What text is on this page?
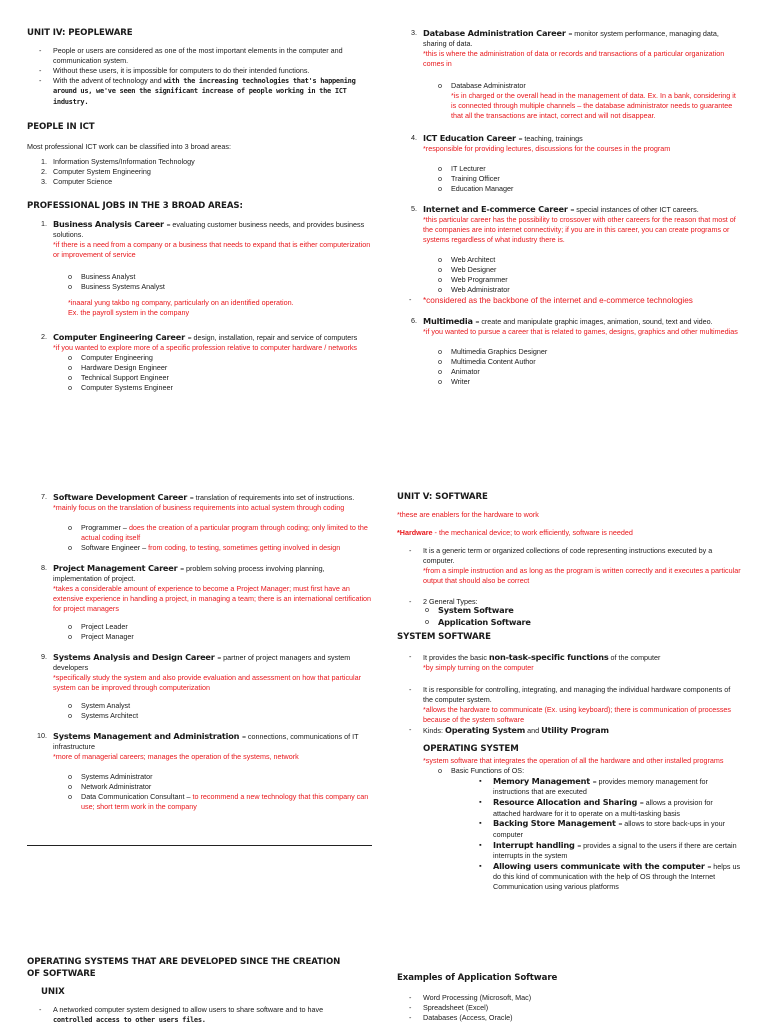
UNIT IV: PEOPLEWARE
- People or users are considered as one of the most important elements in the computer and communication system.
- Without these users, it is impossible for computers to do their intended functions.
- With the advent of technology and with the increasing technologies that's happening around us, we've seen the significant increase of people working in the ICT industry.
PEOPLE IN ICT
Most professional ICT work can be classified into 3 broad areas:
1. Information Systems/Information Technology
2. Computer System Engineering
3. Computer Science
PROFESSIONAL JOBS IN THE 3 BROAD AREAS:
1. Business Analysis Career – evaluating customer business needs, and provides business solutions.
*if there is a need from a company or a business that needs to expand that is either computerization or improvement of service
o Business Analyst
o Business Systems Analyst
*inaaral yung takbo ng company, particularly on an identified operation.
Ex. the payroll system in the company
2. Computer Engineering Career – design, installation, repair and service of computers
*if you wanted to explore more of a specific profession relative to computer hardware / networks
o Computer Engineering
o Hardware Design Engineer
o Technical Support Engineer
o Computer Systems Engineer
3. Database Administration Career – monitor system performance, managing data, sharing of data.
*this is where the administration of data or records and transactions of a particular organization comes in
o Database Administrator
*is in charged or the overall head in the management of data. Ex. In a bank, considering it is connected through multiple channels – the database administrator needs to guarantee that all the transactions are intact, correct and will not disappear.
4. ICT Education Career – teaching, trainings
*responsible for providing lectures, discussions for the courses in the program
o IT Lecturer
o Training Officer
o Education Manager
5. Internet and E-commerce Career – special instances of other ICT careers.
*this particular career has the possibility to crossover with other careers for the reason that most of the companies are into internet connectivity; if you are in this career, you can create programs or systems regardless of what industry there is.
o Web Architect
o Web Designer
o Web Programmer
o Web Administrator
- *considered as the backbone of the internet and e-commerce technologies
6. Multimedia – create and manipulate graphic images, animation, sound, text and video.
*if you wanted to pursue a career that is related to games, designs, graphics and other multimedias
o Multimedia Graphics Designer
o Multimedia Content Author
o Animator
o Writer
7. Software Development Career – translation of requirements into set of instructions.
*mainly focus on the translation of business requirements into actual system through coding
o Programmer – does the creation of a particular program through coding; only limited to the actual coding itself
o Software Engineer – from coding, to testing, sometimes getting involved in design
8. Project Management Career – problem solving process involving planning, implementation of project.
*takes a considerable amount of experience to become a Project Manager; must first have an extensive experience in handling a project, in managing a team; there is an international certification for project managers
o Project Leader
o Project Manager
9. Systems Analysis and Design Career – partner of project managers and system developers
*specifically study the system and also provide evaluation and assessment on how that particular system can be improved through computerization
o System Analyst
o Systems Architect
10. Systems Management and Administration – connections, communications of IT infrastructure
*more of managerial careers; manages the operation of the systems, network
o Systems Administrator
o Network Administrator
o Data Communication Consultant – to recommend a new technology that this company can use; short term work in the company
UNIT V: SOFTWARE
*these are enablers for the hardware to work
*Hardware - the mechanical device; to work efficiently, software is needed
- It is a generic term or organized collections of code representing instructions executed by a computer.
*from a simple instruction and as long as the program is written correctly and it executes a particular output that should also be correct
- 2 General Types:
o System Software
o Application Software
SYSTEM SOFTWARE
- It provides the basic non-task-specific functions of the computer
*by simply turning on the computer
- It is responsible for controlling, integrating, and managing the individual hardware components of the computer system.
*allows the hardware to communicate (Ex. using keyboard); there is communication of processes because of the system software
- Kinds: Operating System and Utility Program
OPERATING SYSTEM
*system software that integrates the operation of all the hardware and other installed programs
o Basic Functions of OS:
▪ Memory Management – provides memory management for instructions that are executed
▪ Resource Allocation and Sharing – allows a provision for attached hardware for it to operate on a multi-tasking basis
▪ Backing Store Management – allows to store back-ups in your computer
▪ Interrupt handling – provides a signal to the users if there are certain interrupts in the system
▪ Allowing users communicate with the computer – helps us do this kind of communication with the help of OS through the Internet Communication using various platforms
OPERATING SYSTEMS THAT ARE DEVELOPED SINCE THE CREATION OF SOFTWARE
UNIX
- A networked computer system designed to allow users to share software and to have controlled access to other users files.
Examples of Application Software
- Word Processing (Microsoft, Mac)
- Spreadsheet (Excel)
- Databases (Access, Oracle)
